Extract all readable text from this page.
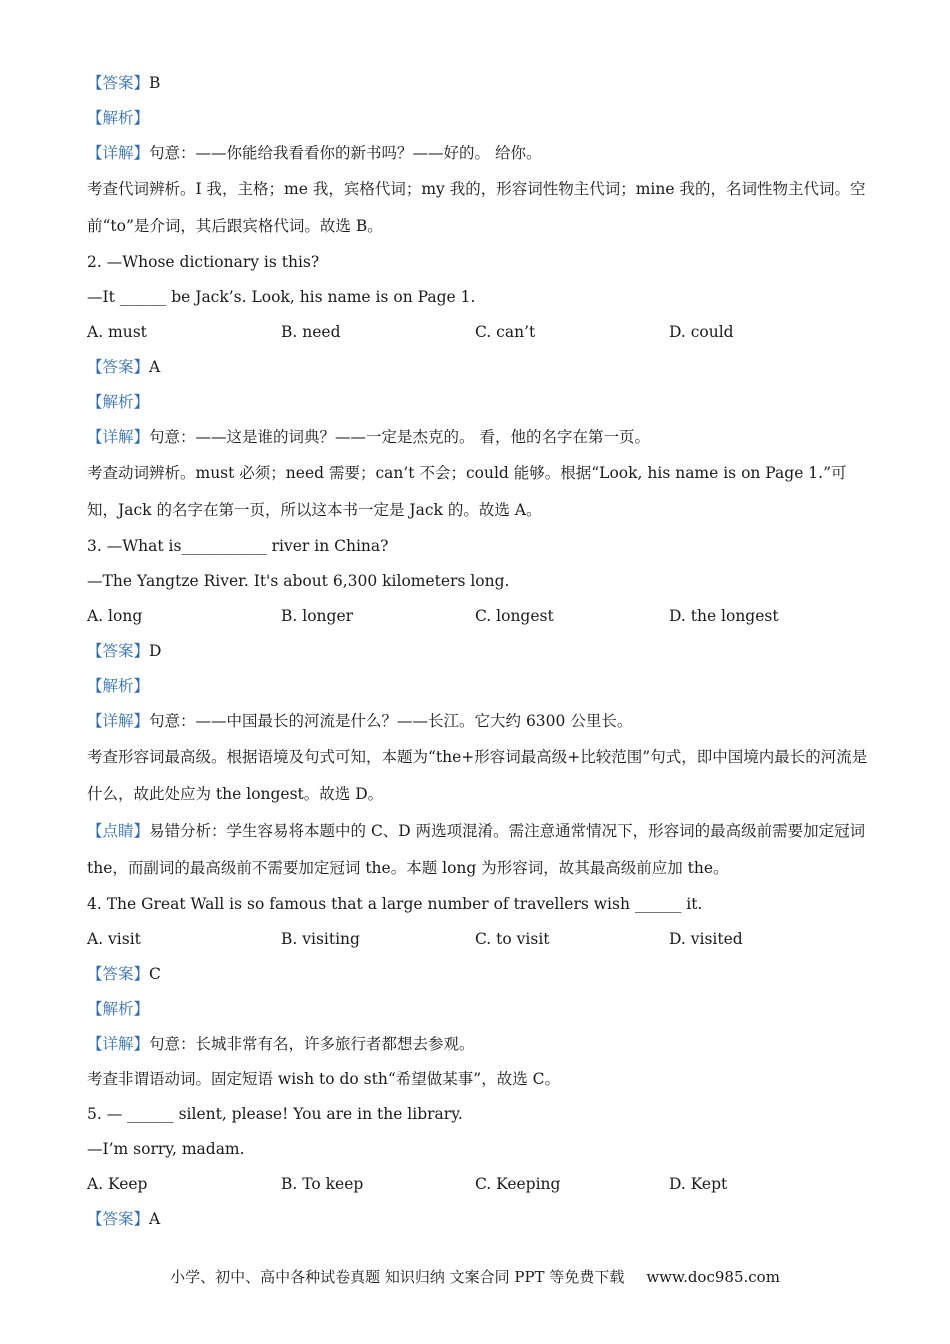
【答案】B
【解析】
【详解】句意：——你能给我看看你的新书吗？——好的。 给你。
考查代词辨析。I 我，主格；me 我，宾格代词；my 我的，形容词性物主代词；mine 我的，名词性物主代词。空前“to”是介词，其后跟宾格代词。故选 B。
2. —Whose dictionary is this?
—It ______ be Jack’s. Look, his name is on Page 1.
A. must	B. need	C. can’t	D. could
【答案】A
【解析】
【详解】句意：——这是谁的词典？——一定是杰克的。 看，他的名字在第一页。
考查动词辨析。must 必须；need 需要；can’t 不会；could 能够。根据“Look, his name is on Page 1.”可知，Jack 的名字在第一页，所以这本书一定是 Jack 的。故选 A。
3. —What is___________ river in China?
—The Yangtze River. It's about 6,300 kilometers long.
A. long	B. longer	C. longest	D. the longest
【答案】D
【解析】
【详解】句意：——中国最长的河流是什么？——长江。它大约 6300 公里长。
考查形容词最高级。根据语境及句式可知，本题为“the+形容词最高级+比较范围”句式，即中国境内最长的河流是什么，故此处应为 the longest。故选 D。
【点睛】易错分析：学生容易将本题中的 C、D 两选项混淆。需注意通常情况下，形容词的最高级前需要加定冠词 the，而副词的最高级前不需要加定冠词 the。本题 long 为形容词，故其最高级前应加 the。
4. The Great Wall is so famous that a large number of travellers wish ______ it.
A. visit	B. visiting	C. to visit	D. visited
【答案】C
【解析】
【详解】句意：长城非常有名，许多旅行者都想去参观。
考查非谓语动词。固定短语 wish to do sth“希望做某事”，故选 C。
5. — ______ silent, please! You are in the library.
—I’m sorry, madam.
A. Keep	B. To keep	C. Keeping	D. Kept
【答案】A
小学、初中、高中各种试卷真题 知识归纳 文案合同 PPT 等免费下载 www.doc985.com
